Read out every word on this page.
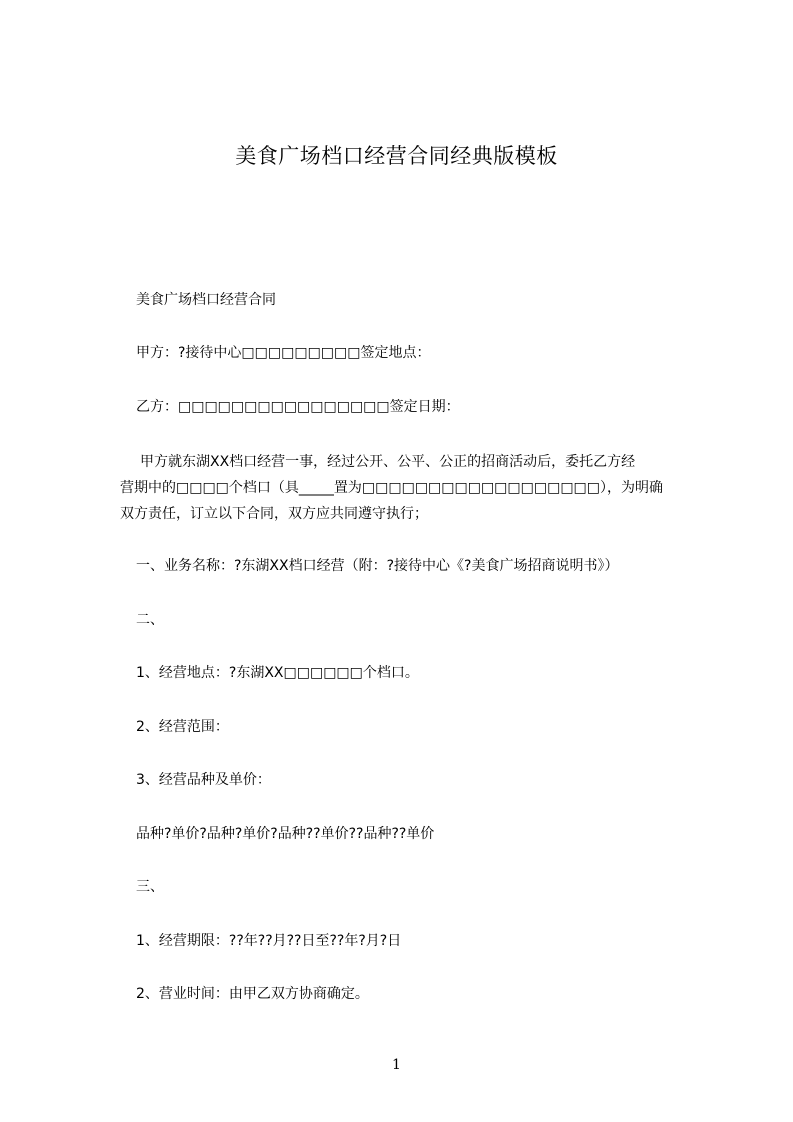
美食广场档口经营合同经典版模板
美食广场档口经营合同
甲方：?接待中心□□□□□□□□□签定地点：
乙方：□□□□□□□□□□□□□□□□签定日期：
甲方就东湖XX档口经营一事，经过公开、公平、公正的招商活动后，委托乙方经
营期中的□□□□个档口（具_____置为□□□□□□□□□□□□□□□□□□），为明确
双方责任，订立以下合同，双方应共同遵守执行；
一、业务名称：?东湖XX档口经营（附：?接待中心《?美食广场招商说明书》）
二、
1、经营地点：?东湖XX□□□□□□个档口。
2、经营范围：
3、经营品种及单价：
品种?单价?品种?单价?品种??单价??品种??单价
三、
1、经营期限：??年??月??日至??年?月?日
2、营业时间：由甲乙双方协商确定。
1
